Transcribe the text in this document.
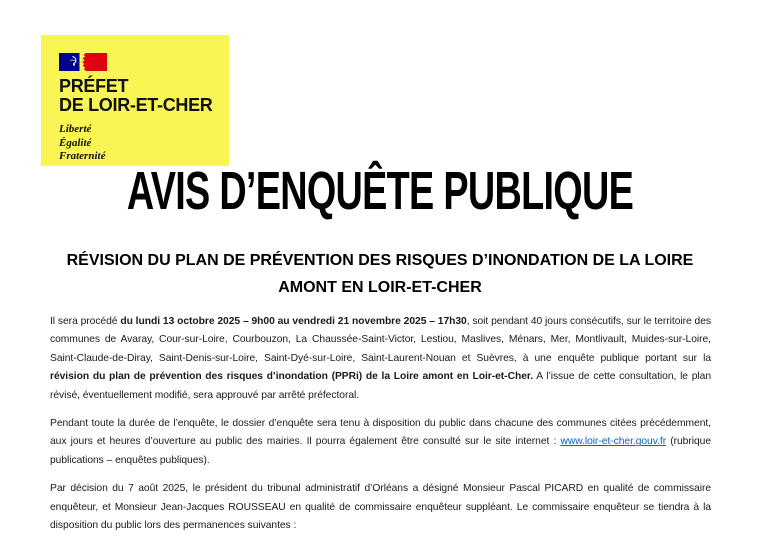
PRÉFET
DE LOIR-ET-CHER
Liberté
Égalité
Fraternité
AVIS D’ENQUÊTE PUBLIQUE
RÉVISION DU PLAN DE PRÉVENTION DES RISQUES D’INONDATION DE LA LOIRE AMONT EN LOIR-ET-CHER

Il sera procédé du lundi 13 octobre 2025 – 9h00 au vendredi 21 novembre 2025 – 17h30, soit pendant 40 jours consécutifs, sur le territoire des communes de Avaray, Cour-sur-Loire, Courbouzon, La Chaussée-Saint-Victor, Lestiou, Maslives, Ménars, Mer, Montlivault, Muides-sur-Loire, Saint-Claude-de-Diray, Saint-Denis-sur-Loire, Saint-Dyé-sur-Loire, Saint-Laurent-Nouan et Suèvres, à une enquête publique portant sur la révision du plan de prévention des risques d’inondation (PPRi) de la Loire amont en Loir-et-Cher. A l’issue de cette consultation, le plan révisé, éventuellement modifié, sera approuvé par arrêté préfectoral.

Pendant toute la durée de l’enquête, le dossier d’enquête sera tenu à disposition du public dans chacune des communes citées précédemment, aux jours et heures d’ouverture au public des mairies. Il pourra également être consulté sur le site internet : www.loir-et-cher.gouv.fr (rubrique publications – enquêtes publiques).

Par décision du 7 août 2025, le président du tribunal administratif d’Orléans a désigné Monsieur Pascal PICARD en qualité de commissaire enquêteur, et Monsieur Jean-Jacques ROUSSEAU en qualité de commissaire enquêteur suppléant. Le commissaire enquêteur se tiendra à la disposition du public lors des permanences suivantes :
